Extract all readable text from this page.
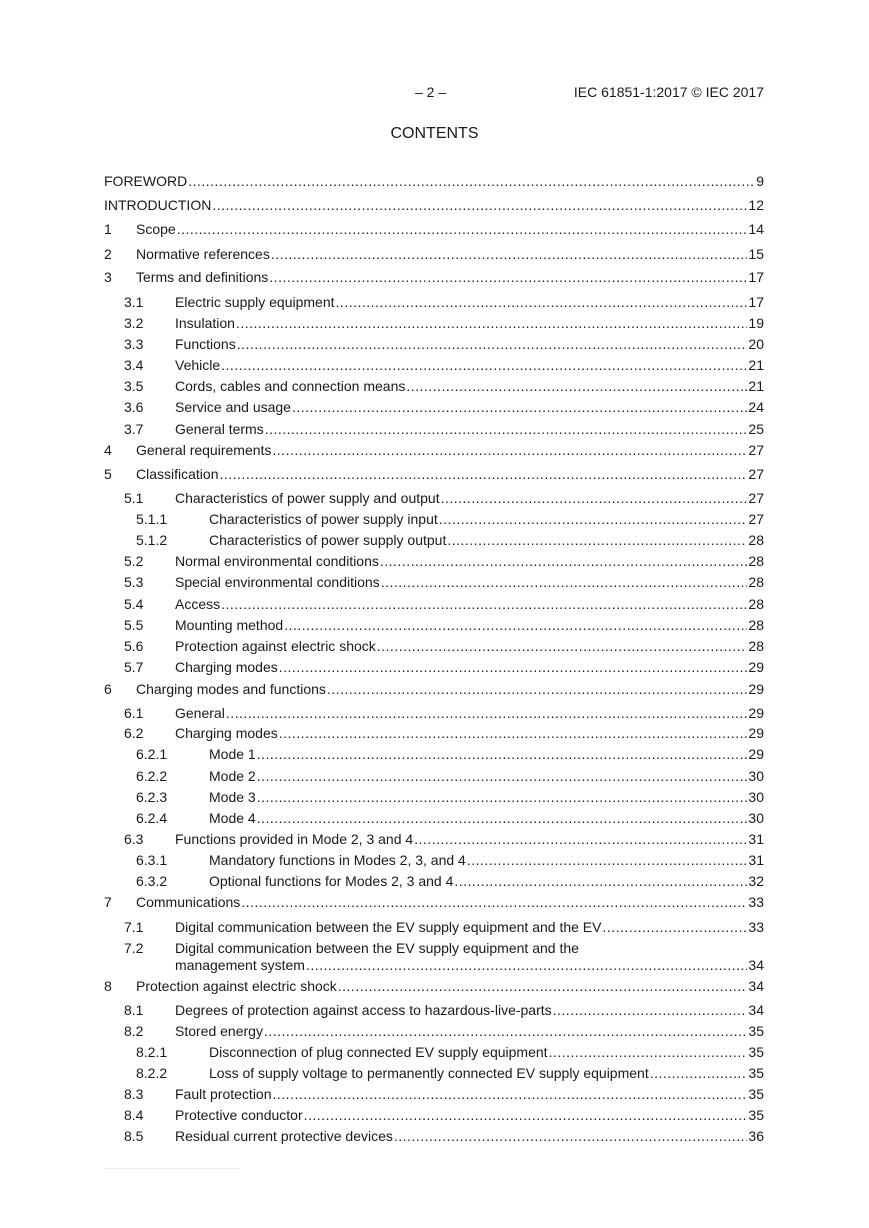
– 2 –	IEC 61851-1:2017 © IEC 2017
CONTENTS
FOREWORD .....	9
INTRODUCTION .....	12
1	Scope .....	14
2	Normative references .....	15
3	Terms and definitions .....	17
3.1	Electric supply equipment .....	17
3.2	Insulation .....	19
3.3	Functions .....	20
3.4	Vehicle .....	21
3.5	Cords, cables and connection means .....	21
3.6	Service and usage .....	24
3.7	General terms .....	25
4	General requirements .....	27
5	Classification .....	27
5.1	Characteristics of power supply and output .....	27
5.1.1	Characteristics of power supply input .....	27
5.1.2	Characteristics of power supply output .....	28
5.2	Normal environmental conditions .....	28
5.3	Special environmental conditions .....	28
5.4	Access .....	28
5.5	Mounting method .....	28
5.6	Protection against electric shock .....	28
5.7	Charging modes .....	29
6	Charging modes and functions .....	29
6.1	General .....	29
6.2	Charging modes .....	29
6.2.1	Mode 1 .....	29
6.2.2	Mode 2 .....	30
6.2.3	Mode 3 .....	30
6.2.4	Mode 4 .....	30
6.3	Functions provided in Mode 2, 3 and 4 .....	31
6.3.1	Mandatory functions in Modes 2, 3, and 4 .....	31
6.3.2	Optional functions for Modes 2, 3 and 4 .....	32
7	Communications .....	33
7.1	Digital communication between the EV supply equipment and the EV .....	33
7.2	Digital communication between the EV supply equipment and the
management system .....	34
8	Protection against electric shock .....	34
8.1	Degrees of protection against access to hazardous-live-parts .....	34
8.2	Stored energy .....	35
8.2.1	Disconnection of plug connected EV supply equipment .....	35
8.2.2	Loss of supply voltage to permanently connected EV supply equipment .....	35
8.3	Fault protection .....	35
8.4	Protective conductor .....	35
8.5	Residual current protective devices .....	36
